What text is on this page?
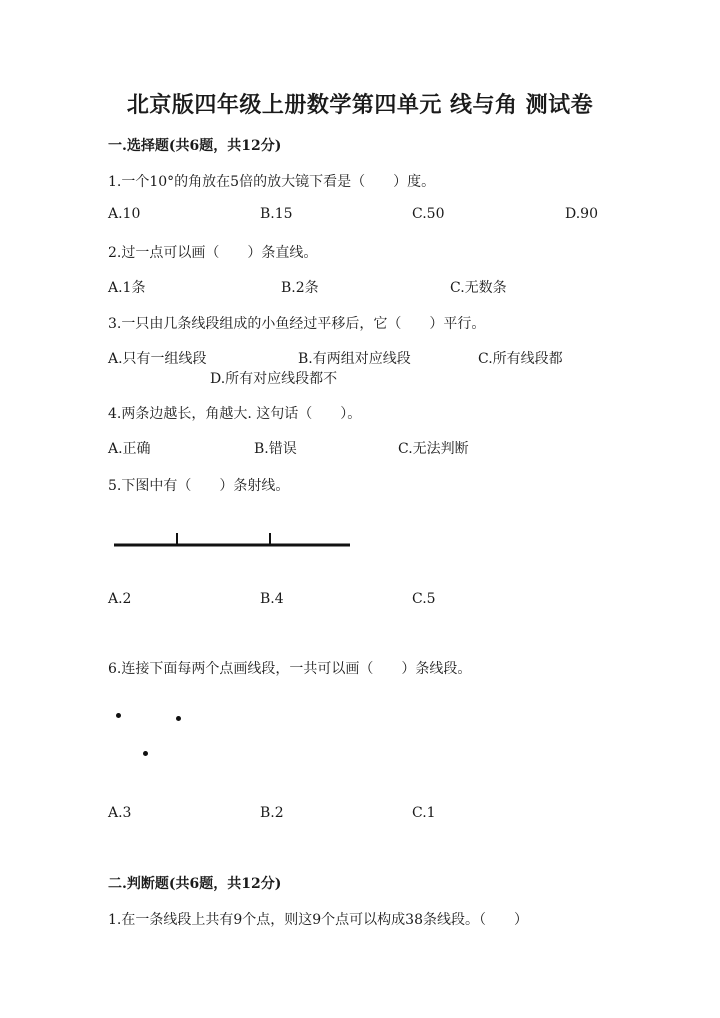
北京版四年级上册数学第四单元 线与角 测试卷
一.选择题(共6题，共12分)
1.一个10°的角放在5倍的放大镜下看是（　　）度。
A.10	B.15	C.50	D.90
2.过一点可以画（　　）条直线。
A.1条	B.2条	C.无数条
3.一只由几条线段组成的小鱼经过平移后，它（　　）平行。
A.只有一组线段	B.有两组对应线段	C.所有线段都
D.所有对应线段都不
4.两条边越长，角越大. 这句话（　　）。
A.正确	B.错误	C.无法判断
5.下图中有（　　）条射线。
A.2	B.4	C.5
6.连接下面每两个点画线段，一共可以画（　　）条线段。
A.3	B.2	C.1
二.判断题(共6题，共12分)
1.在一条线段上共有9个点，则这9个点可以构成38条线段。（　　）
